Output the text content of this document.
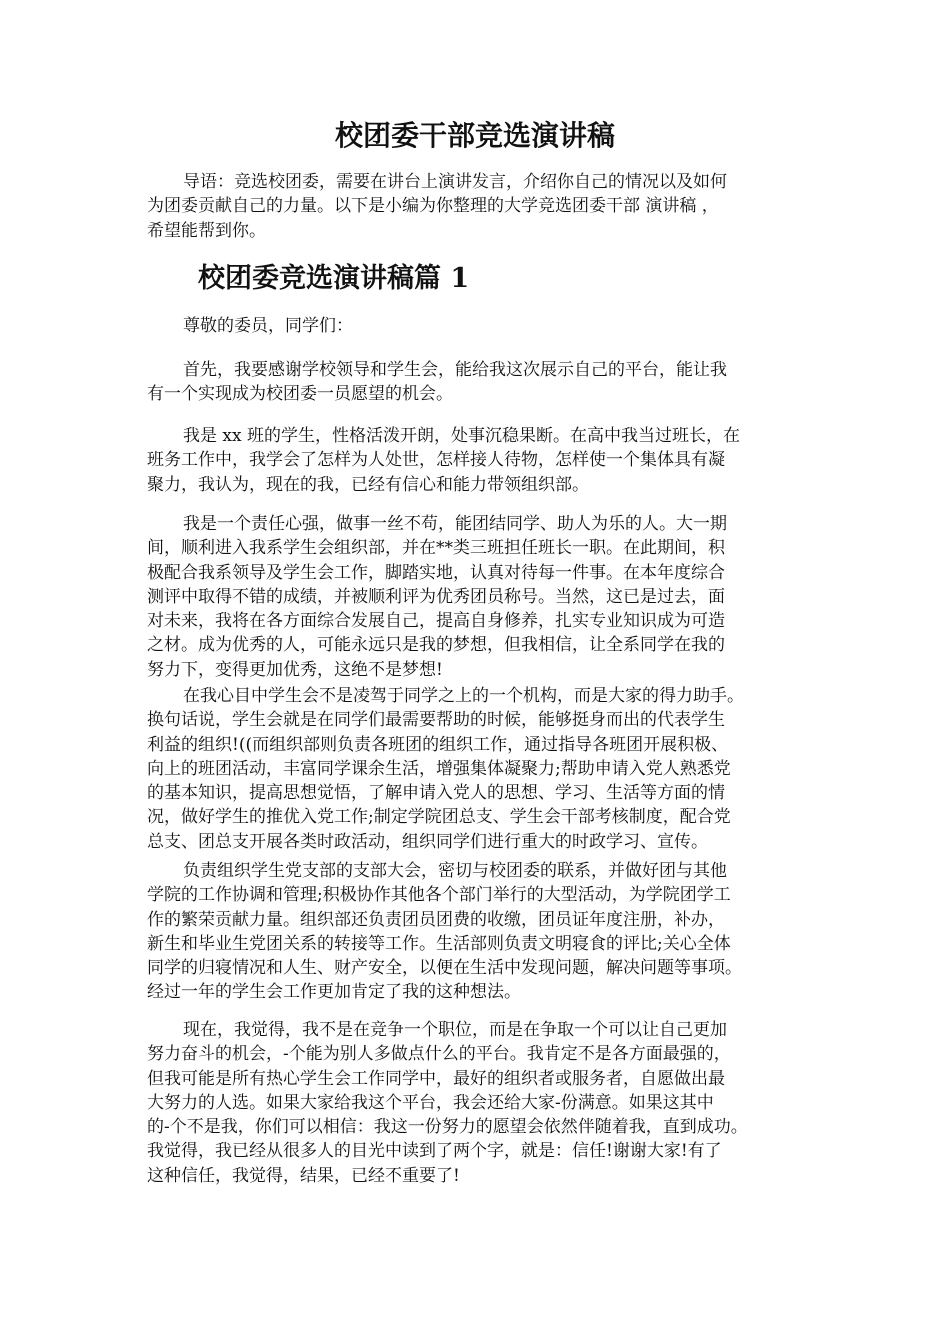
校团委干部竞选演讲稿
导语：竞选校团委，需要在讲台上演讲发言，介绍你自己的情况以及如何
为团委贡献自己的力量。以下是小编为你整理的大学竞选团委干部 演讲稿 ，
希望能帮到你。
校团委竞选演讲稿篇 1
尊敬的委员，同学们：
首先，我要感谢学校领导和学生会，能给我这次展示自己的平台，能让我
有一个实现成为校团委一员愿望的机会。
我是 xx 班的学生，性格活泼开朗，处事沉稳果断。在高中我当过班长，在
班务工作中，我学会了怎样为人处世，怎样接人待物，怎样使一个集体具有凝
聚力，我认为，现在的我，已经有信心和能力带领组织部。
我是一个责任心强，做事一丝不苟，能团结同学、助人为乐的人。大一期
间，顺利进入我系学生会组织部，并在**类三班担任班长一职。在此期间，积
极配合我系领导及学生会工作，脚踏实地，认真对待每一件事。在本年度综合
测评中取得不错的成绩，并被顺利评为优秀团员称号。当然，这已是过去，面
对未来，我将在各方面综合发展自己，提高自身修养，扎实专业知识成为可造
之材。成为优秀的人，可能永远只是我的梦想，但我相信，让全系同学在我的
努力下，变得更加优秀，这绝不是梦想!
在我心目中学生会不是凌驾于同学之上的一个机构，而是大家的得力助手。
换句话说，学生会就是在同学们最需要帮助的时候，能够挺身而出的代表学生
利益的组织!((而组织部则负责各班团的组织工作，通过指导各班团开展积极、
向上的班团活动，丰富同学课余生活，增强集体凝聚力;帮助申请入党人熟悉党
的基本知识，提高思想觉悟，了解申请入党人的思想、学习、生活等方面的情
况，做好学生的推优入党工作;制定学院团总支、学生会干部考核制度，配合党
总支、团总支开展各类时政活动，组织同学们进行重大的时政学习、宣传。
负责组织学生党支部的支部大会，密切与校团委的联系，并做好团与其他
学院的工作协调和管理;积极协作其他各个部门举行的大型活动，为学院团学工
作的繁荣贡献力量。组织部还负责团员团费的收缴，团员证年度注册，补办，
新生和毕业生党团关系的转接等工作。生活部则负责文明寝食的评比;关心全体
同学的归寝情况和人生、财产安全，以便在生活中发现问题，解决问题等事项。
经过一年的学生会工作更加肯定了我的这种想法。
现在，我觉得，我不是在竞争一个职位，而是在争取一个可以让自己更加
努力奋斗的机会，-个能为别人多做点什么的平台。我肯定不是各方面最强的，
但我可能是所有热心学生会工作同学中，最好的组织者或服务者，自愿做出最
大努力的人选。如果大家给我这个平台，我会还给大家-份满意。如果这其中
的-个不是我，你们可以相信：我这一份努力的愿望会依然伴随着我，直到成功。
我觉得，我已经从很多人的目光中读到了两个字，就是：信任!谢谢大家!有了
这种信任，我觉得，结果，已经不重要了!
